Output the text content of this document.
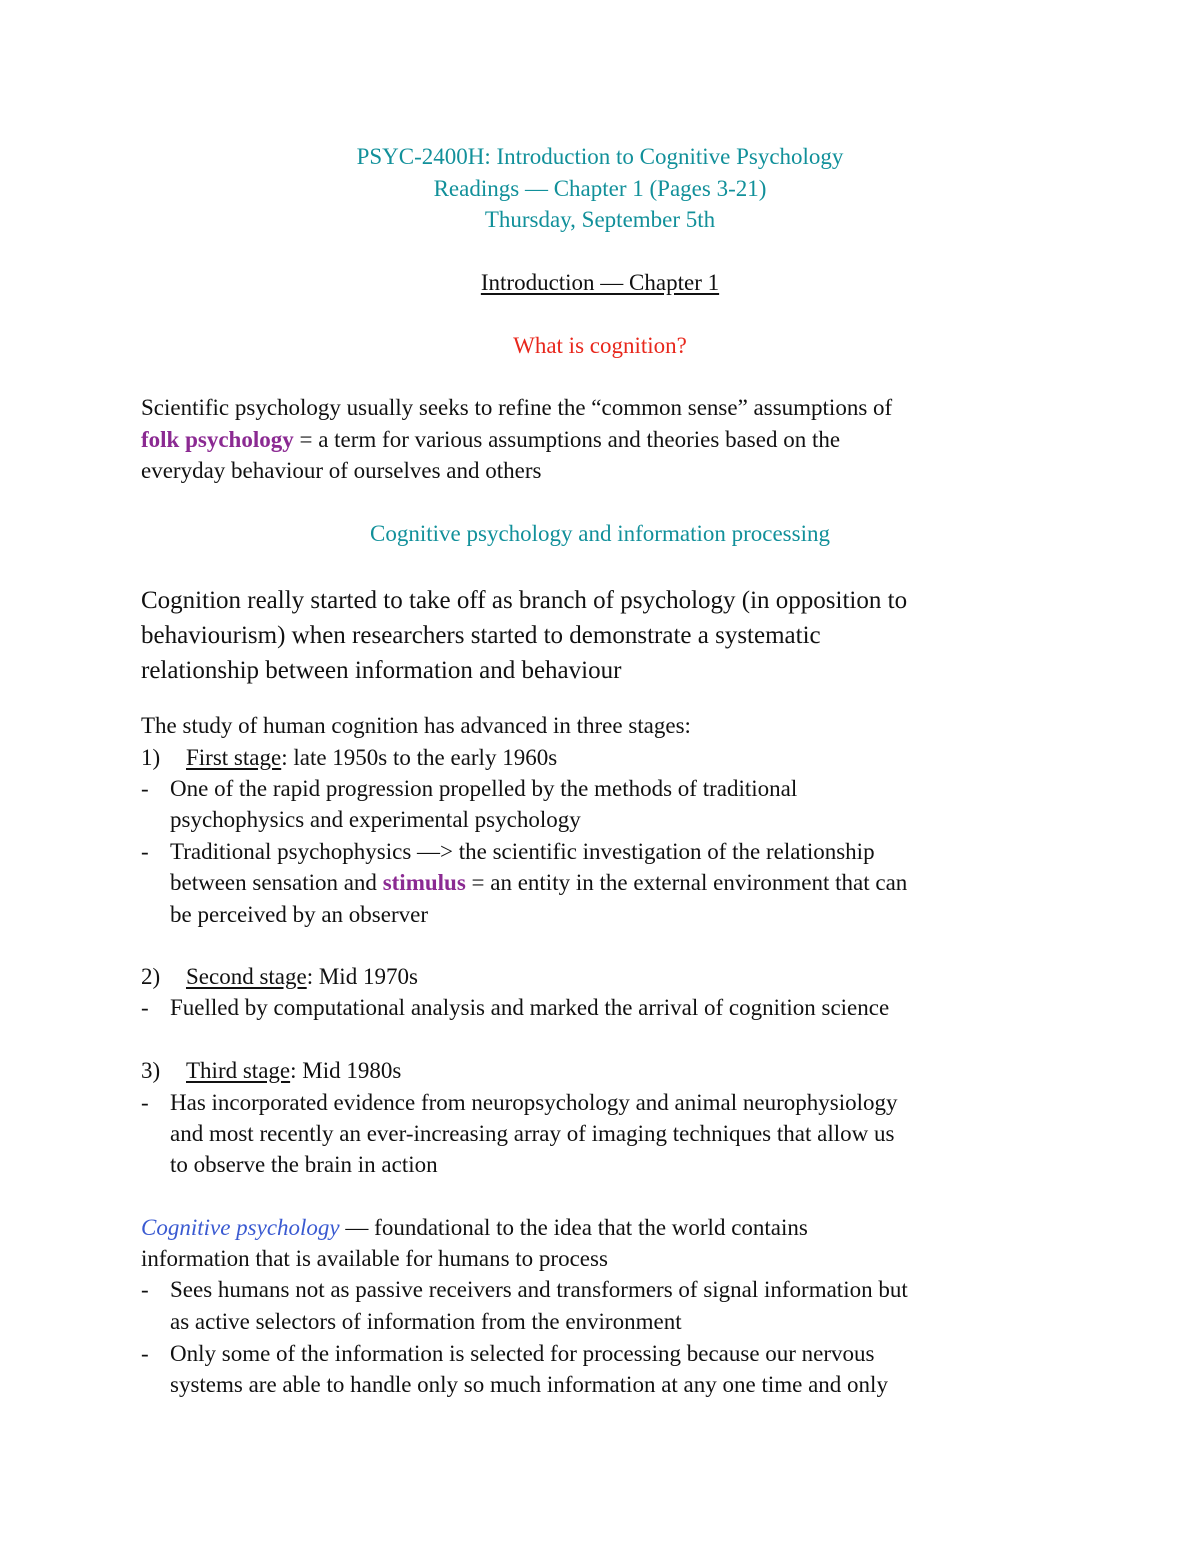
PSYC-2400H: Introduction to Cognitive Psychology
Readings — Chapter 1 (Pages 3-21)
Thursday, September 5th
Introduction — Chapter 1
What is cognition?
Scientific psychology usually seeks to refine the “common sense” assumptions of
folk psychology = a term for various assumptions and theories based on the
everyday behaviour of ourselves and others
Cognitive psychology and information processing
Cognition really started to take off as branch of psychology (in opposition to
behaviourism) when researchers started to demonstrate a systematic
relationship between information and behaviour
The study of human cognition has advanced in three stages:
1) First stage: late 1950s to the early 1960s
- One of the rapid progression propelled by the methods of traditional
psychophysics and experimental psychology
- Traditional psychophysics —> the scientific investigation of the relationship
between sensation and stimulus = an entity in the external environment that can
be perceived by an observer
2) Second stage: Mid 1970s
- Fuelled by computational analysis and marked the arrival of cognition science
3) Third stage: Mid 1980s
- Has incorporated evidence from neuropsychology and animal neurophysiology
and most recently an ever-increasing array of imaging techniques that allow us
to observe the brain in action
Cognitive psychology — foundational to the idea that the world contains
information that is available for humans to process
- Sees humans not as passive receivers and transformers of signal information but
as active selectors of information from the environment
- Only some of the information is selected for processing because our nervous
systems are able to handle only so much information at any one time and only
